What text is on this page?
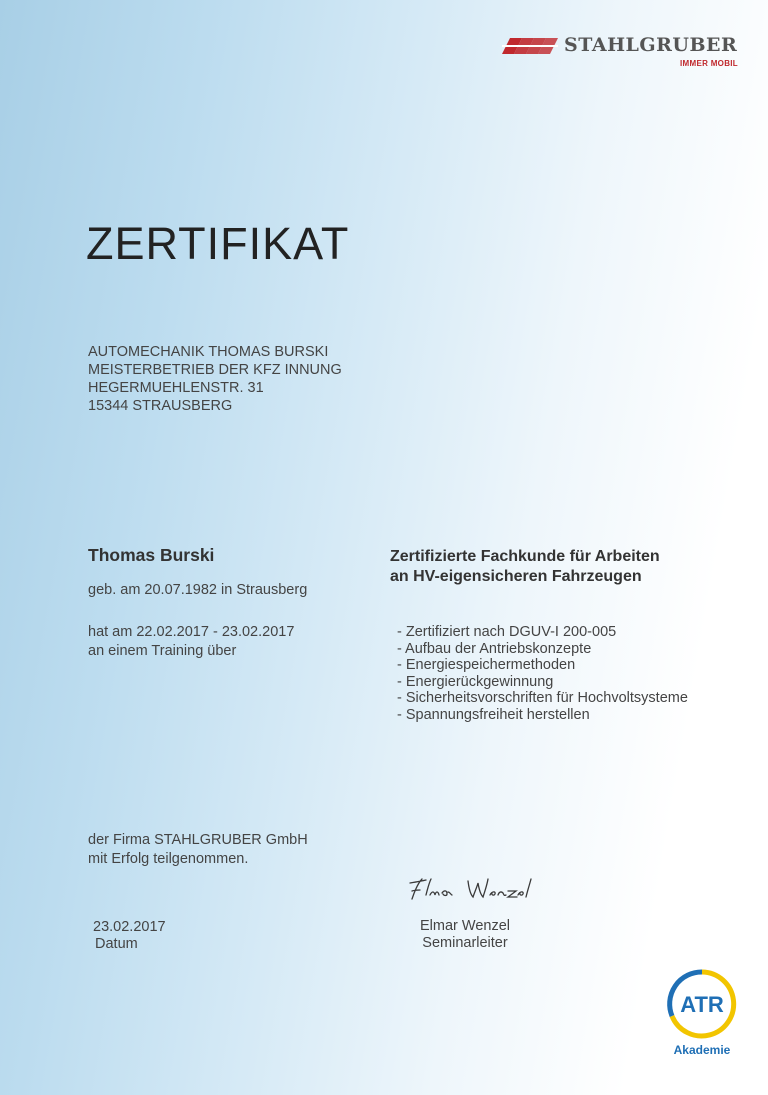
STAHLGRUBER
IMMER MOBIL
ZERTIFIKAT
AUTOMECHANIK THOMAS BURSKI
MEISTERBETRIEB DER KFZ INNUNG
HEGERMUEHLENSTR. 31
15344 STRAUSBERG
Thomas Burski
geb. am 20.07.1982 in Strausberg
hat am 22.02.2017 - 23.02.2017
an einem Training über
Zertifizierte Fachkunde für Arbeiten
an HV-eigensicheren Fahrzeugen
- Zertifiziert nach DGUV-I 200-005
- Aufbau der Antriebskonzepte
- Energiespeichermethoden
- Energierückgewinnung
- Sicherheitsvorschriften für Hochvoltsysteme
- Spannungsfreiheit herstellen
der Firma STAHLGRUBER GmbH
mit Erfolg teilgenommen.
Elmar Wenzel
Seminarleiter
23.02.2017
Datum
ATR
Akademie
